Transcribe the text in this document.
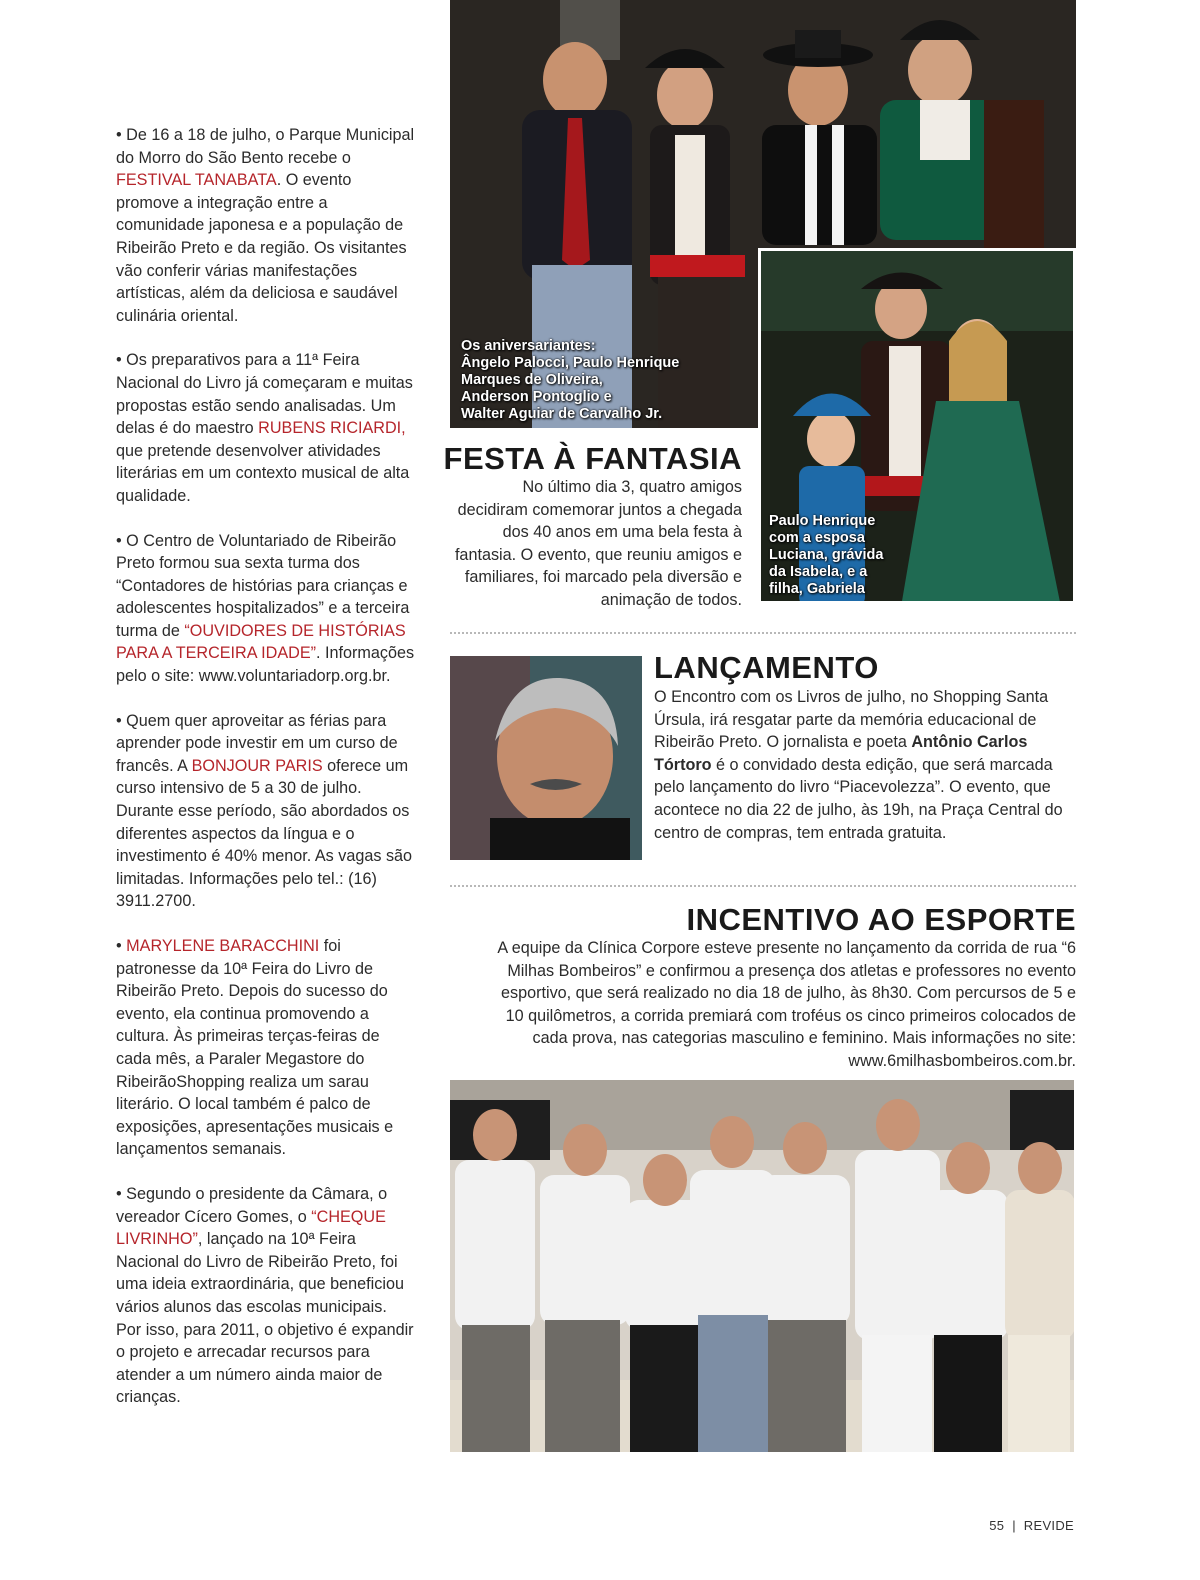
• De 16 a 18 de julho, o Parque Municipal do Morro do São Bento recebe o FESTIVAL TANABATA. O evento promove a integração entre a comunidade japonesa e a população de Ribeirão Preto e da região. Os visitantes vão conferir várias manifestações artísticas, além da deliciosa e saudável culinária oriental.

• Os preparativos para a 11ª Feira Nacional do Livro já começaram e muitas propostas estão sendo analisadas. Um delas é do maestro RUBENS RICIARDI, que pretende desenvolver atividades literárias em um contexto musical de alta qualidade.

• O Centro de Voluntariado de Ribeirão Preto formou sua sexta turma dos “Contadores de histórias para crianças e adolescentes hospitalizados” e a terceira turma de “OUVIDORES DE HISTÓRIAS PARA A TERCEIRA IDADE”. Informações pelo o site: www.voluntariadorp.org.br.

• Quem quer aproveitar as férias para aprender pode investir em um curso de francês. A BONJOUR PARIS oferece um curso intensivo de 5 a 30 de julho. Durante esse período, são abordados os diferentes aspectos da língua e o investimento é 40% menor. As vagas são limitadas. Informações pelo tel.: (16) 3911.2700.

• MARYLENE BARACCHINI foi patronesse da 10ª Feira do Livro de Ribeirão Preto. Depois do sucesso do evento, ela continua promovendo a cultura. Às primeiras terças-feiras de cada mês, a Paraler Megastore do RibeirãoShopping realiza um sarau literário. O local também é palco de exposições, apresentações musicais e lançamentos semanais.

• Segundo o presidente da Câmara, o vereador Cícero Gomes, o “CHEQUE LIVRINHO”, lançado na 10ª Feira Nacional do Livro de Ribeirão Preto, foi uma ideia extraordinária, que beneficiou vários alunos das escolas municipais. Por isso, para 2011, o objetivo é expandir o projeto e arrecadar recursos para atender a um número ainda maior de crianças.

Os aniversariantes:
Ângelo Palocci, Paulo Henrique
Marques de Oliveira,
Anderson Pontoglio e
Walter Aguiar de Carvalho Jr.
Paulo Henrique
com a esposa
Luciana, grávida
da Isabela, e a
filha, Gabriela
FESTA À FANTASIA
No último dia 3, quatro amigos decidiram comemorar juntos a chegada dos 40 anos em uma bela festa à fantasia. O evento, que reuniu amigos e familiares, foi marcado pela diversão e animação de todos.
LANÇAMENTO
O Encontro com os Livros de julho, no Shopping Santa Úrsula, irá resgatar parte da memória educacional de Ribeirão Preto. O jornalista e poeta Antônio Carlos Tórtoro é o convidado desta edição, que será marcada pelo lançamento do livro “Piacevolezza”. O evento, que acontece no dia 22 de julho, às 19h, na Praça Central do centro de compras, tem entrada gratuita.
INCENTIVO AO ESPORTE
A equipe da Clínica Corpore esteve presente no lançamento da corrida de rua “6 Milhas Bombeiros” e confirmou a presença dos atletas e professores no evento esportivo, que será realizado no dia 18 de julho, às 8h30. Com percursos de 5 e 10 quilômetros, a corrida premiará com troféus os cinco primeiros colocados de cada prova, nas categorias masculino e feminino. Mais informações no site: www.6milhasbombeiros.com.br.
55 | REVIDE
